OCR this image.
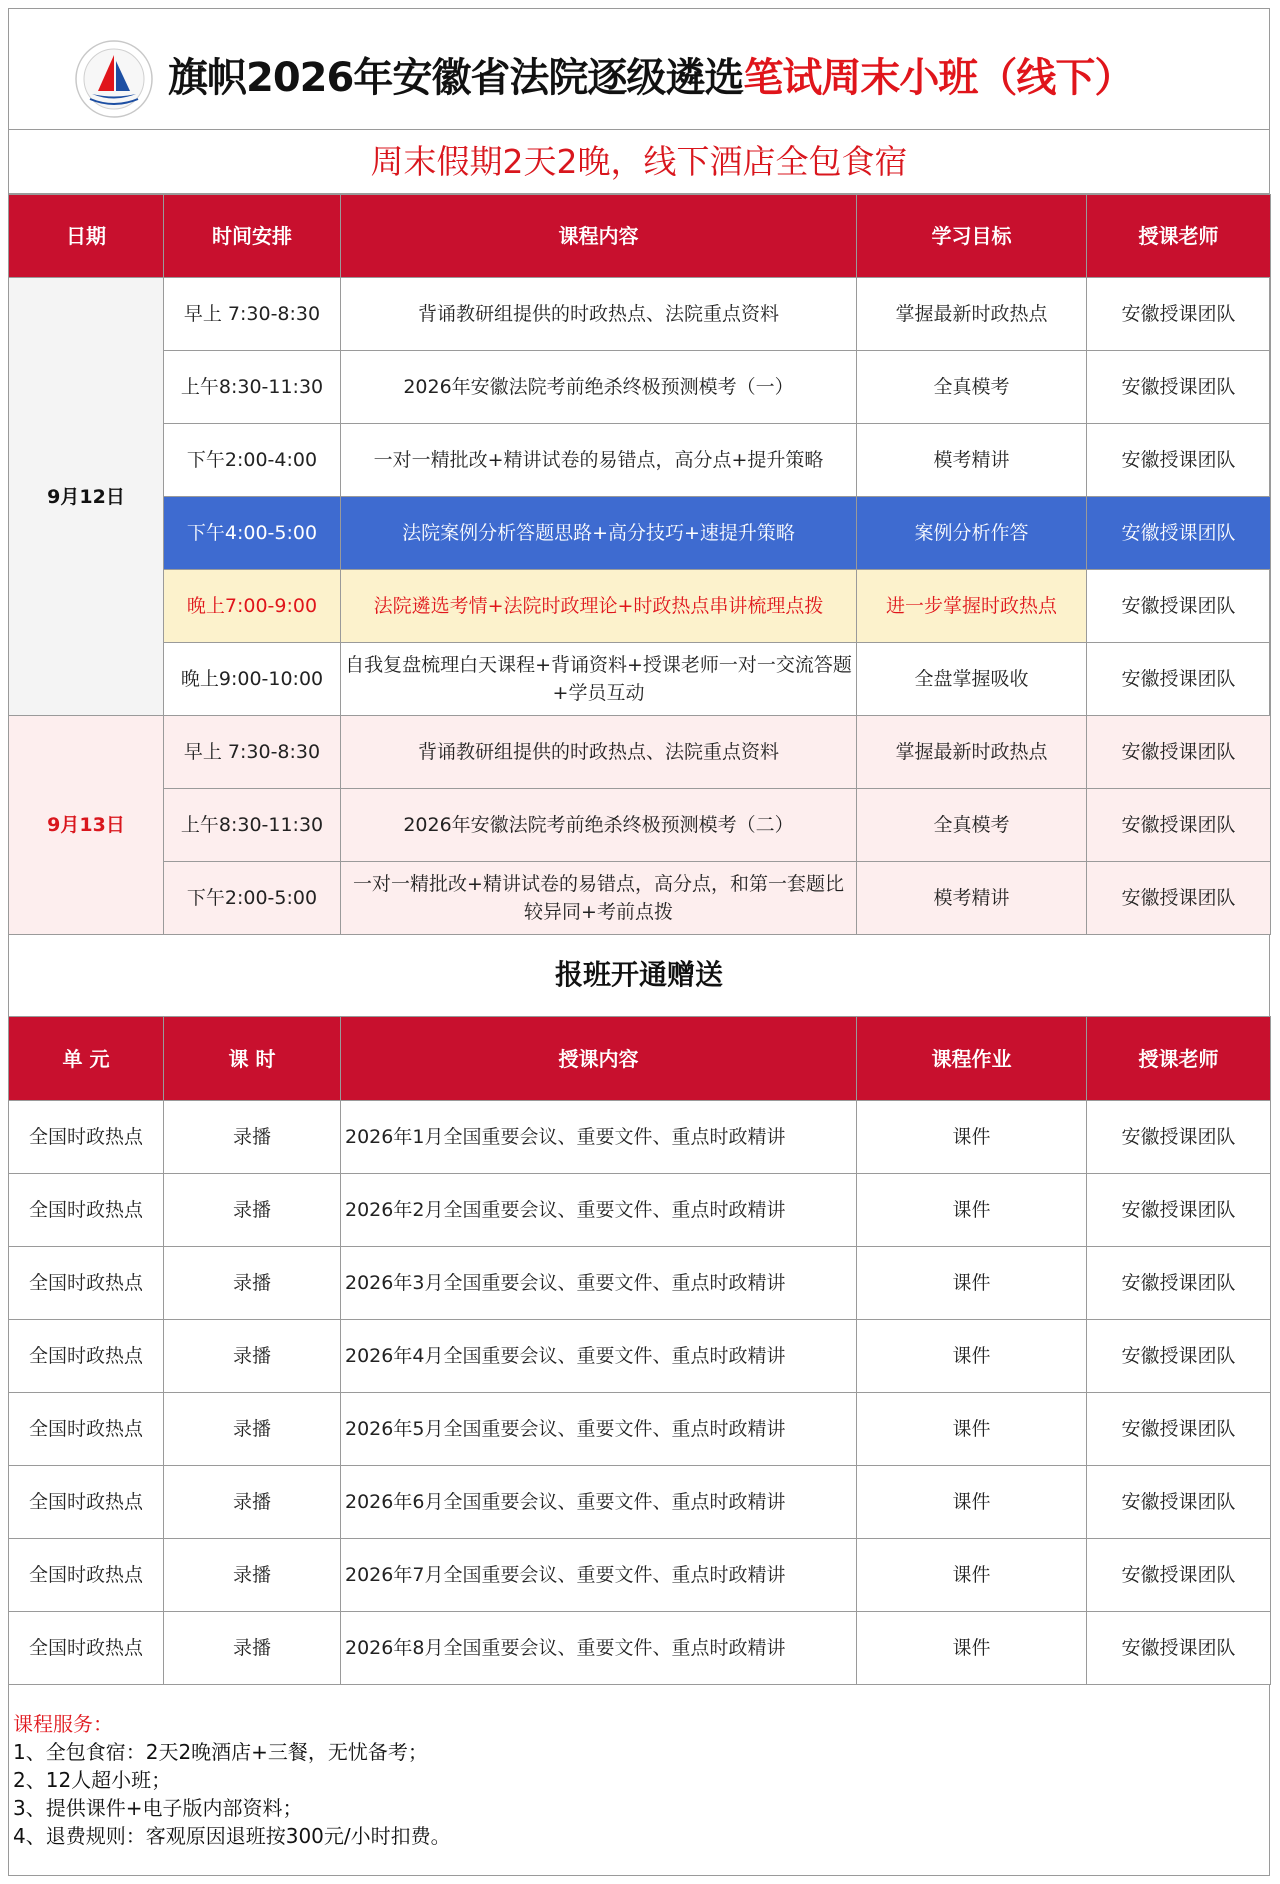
旗帜2026年安徽省法院逐级遴选笔试周末小班（线下）
周末假期2天2晚，线下酒店全包食宿
日期	时间安排	课程内容	学习目标	授课老师
9月12日	早上 7:30-8:30	背诵教研组提供的时政热点、法院重点资料	掌握最新时政热点	安徽授课团队
	上午8:30-11:30	2026年安徽法院考前绝杀终极预测模考（一）	全真模考	安徽授课团队
	下午2:00-4:00	一对一精批改+精讲试卷的易错点，高分点+提升策略	模考精讲	安徽授课团队
	下午4:00-5:00	法院案例分析答题思路+高分技巧+速提升策略	案例分析作答	安徽授课团队
	晚上7:00-9:00	法院遴选考情+法院时政理论+时政热点串讲梳理点拨	进一步掌握时政热点	安徽授课团队
	晚上9:00-10:00	自我复盘梳理白天课程+背诵资料+授课老师一对一交流答题+学员互动	全盘掌握吸收	安徽授课团队
9月13日	早上 7:30-8:30	背诵教研组提供的时政热点、法院重点资料	掌握最新时政热点	安徽授课团队
	上午8:30-11:30	2026年安徽法院考前绝杀终极预测模考（二）	全真模考	安徽授课团队
	下午2:00-5:00	一对一精批改+精讲试卷的易错点，高分点，和第一套题比较异同+考前点拨	模考精讲	安徽授课团队
报班开通赠送
单 元	课 时	授课内容	课程作业	授课老师
全国时政热点	录播	2026年1月全国重要会议、重要文件、重点时政精讲	课件	安徽授课团队
全国时政热点	录播	2026年2月全国重要会议、重要文件、重点时政精讲	课件	安徽授课团队
全国时政热点	录播	2026年3月全国重要会议、重要文件、重点时政精讲	课件	安徽授课团队
全国时政热点	录播	2026年4月全国重要会议、重要文件、重点时政精讲	课件	安徽授课团队
全国时政热点	录播	2026年5月全国重要会议、重要文件、重点时政精讲	课件	安徽授课团队
全国时政热点	录播	2026年6月全国重要会议、重要文件、重点时政精讲	课件	安徽授课团队
全国时政热点	录播	2026年7月全国重要会议、重要文件、重点时政精讲	课件	安徽授课团队
全国时政热点	录播	2026年8月全国重要会议、重要文件、重点时政精讲	课件	安徽授课团队
课程服务：
1、全包食宿：2天2晚酒店+三餐，无忧备考；
2、12人超小班；
3、提供课件+电子版内部资料；
4、退费规则：客观原因退班按300元/小时扣费。
